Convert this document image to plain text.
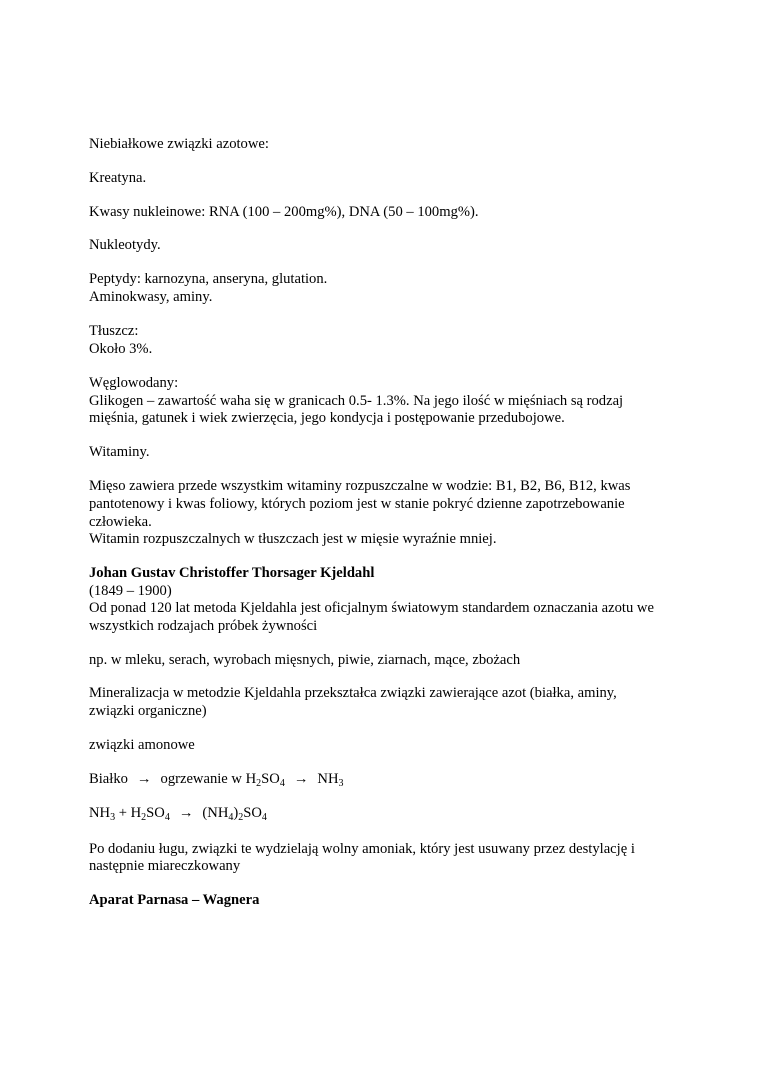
Niebiałkowe związki azotowe:
Kreatyna.
Kwasy nukleinowe: RNA (100 – 200mg%), DNA (50 – 100mg%).
Nukleotydy.
Peptydy: karnozyna, anseryna, glutation.
Aminokwasy, aminy.
Tłuszcz:
Około 3%.
Węglowodany:
Glikogen – zawartość waha się w granicach 0.5- 1.3%. Na jego ilość w mięśniach są rodzaj
mięśnia, gatunek i wiek zwierzęcia, jego kondycja i postępowanie przedubojowe.
Witaminy.
Mięso zawiera przede wszystkim witaminy rozpuszczalne w wodzie: B1, B2, B6, B12, kwas
pantotenowy i kwas foliowy, których poziom jest w stanie pokryć dzienne zapotrzebowanie
człowieka.
Witamin rozpuszczalnych w tłuszczach jest w mięsie wyraźnie mniej.
Johan Gustav Christoffer Thorsager Kjeldahl
(1849 – 1900)
Od ponad 120 lat metoda Kjeldahla jest oficjalnym światowym standardem oznaczania azotu we
wszystkich rodzajach próbek żywności
np. w mleku, serach, wyrobach mięsnych, piwie, ziarnach, mące, zbożach
Mineralizacja w metodzie Kjeldahla przekształca związki zawierające azot (białka, aminy,
związki organiczne)
związki amonowe
Białko → ogrzewanie w $H_2SO_4 \to NH_3$
$NH_3 + H_2SO_4 \to (NH_4)_2SO_4$
Po dodaniu ługu, związki te wydzielają wolny amoniak, który jest usuwany przez destylację i
następnie miareczkowany
Aparat Parnasa – Wagnera
